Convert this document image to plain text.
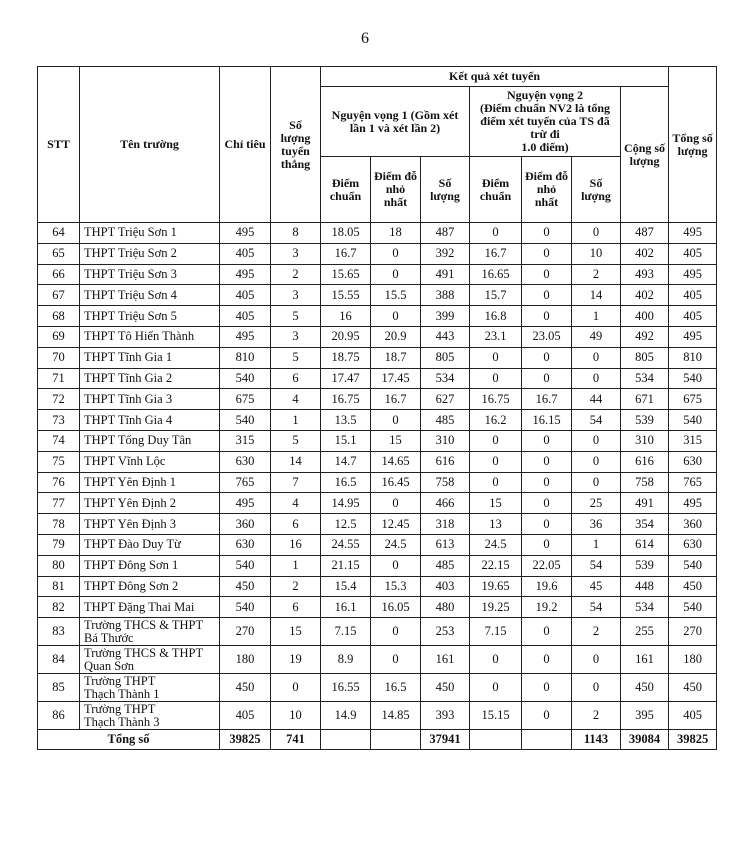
6
STT	Tên trường	Chỉ tiêu	Số lượng tuyển thẳng	Kết quả xét tuyển							Tổng số lượng
				Nguyện vọng 1 (Gồm xét lần 1 và xét lần 2)			Nguyện vọng 2
(Điểm chuẩn NV2 là tổng điểm xét tuyển của TS đã trừ đi
1.0 điểm)			Cộng số lượng	
				Điểm chuẩn	Điểm đỗ nhỏ nhất	Số lượng	Điểm chuẩn	Điểm đỗ nhỏ nhất	Số lượng		
64	THPT Triệu Sơn 1	495	8	18.05	18	487	0	0	0	487	495
65	THPT Triệu Sơn 2	405	3	16.7	0	392	16.7	0	10	402	405
66	THPT Triệu Sơn 3	495	2	15.65	0	491	16.65	0	2	493	495
67	THPT Triệu Sơn 4	405	3	15.55	15.5	388	15.7	0	14	402	405
68	THPT Triệu Sơn 5	405	5	16	0	399	16.8	0	1	400	405
69	THPT Tô Hiến Thành	495	3	20.95	20.9	443	23.1	23.05	49	492	495
70	THPT Tĩnh Gia 1	810	5	18.75	18.7	805	0	0	0	805	810
71	THPT Tĩnh Gia 2	540	6	17.47	17.45	534	0	0	0	534	540
72	THPT Tĩnh Gia 3	675	4	16.75	16.7	627	16.75	16.7	44	671	675
73	THPT Tĩnh Gia 4	540	1	13.5	0	485	16.2	16.15	54	539	540
74	THPT Tống Duy Tân	315	5	15.1	15	310	0	0	0	310	315
75	THPT Vĩnh Lộc	630	14	14.7	14.65	616	0	0	0	616	630
76	THPT Yên Định 1	765	7	16.5	16.45	758	0	0	0	758	765
77	THPT Yên Định 2	495	4	14.95	0	466	15	0	25	491	495
78	THPT Yên Định 3	360	6	12.5	12.45	318	13	0	36	354	360
79	THPT Đào Duy Từ	630	16	24.55	24.5	613	24.5	0	1	614	630
80	THPT Đông Sơn 1	540	1	21.15	0	485	22.15	22.05	54	539	540
81	THPT Đông Sơn 2	450	2	15.4	15.3	403	19.65	19.6	45	448	450
82	THPT Đặng Thai Mai	540	6	16.1	16.05	480	19.25	19.2	54	534	540
83	Trường THCS & THPT
Bá Thước	270	15	7.15	0	253	7.15	0	2	255	270
84	Trường THCS & THPT
Quan Sơn	180	19	8.9	0	161	0	0	0	161	180
85	Trường THPT
Thạch Thành 1	450	0	16.55	16.5	450	0	0	0	450	450
86	Trường THPT
Thạch Thành 3	405	10	14.9	14.85	393	15.15	0	2	395	405
Tổng số		39825	741			37941			1143	39084	39825
